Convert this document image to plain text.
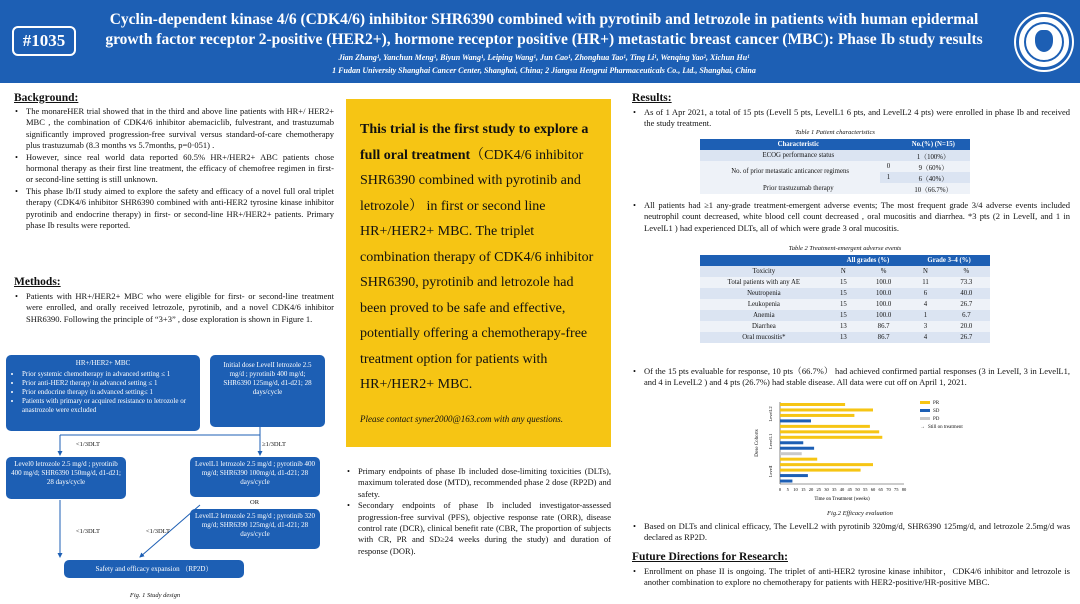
#1035
Cyclin-dependent kinase 4/6 (CDK4/6) inhibitor SHR6390 combined with pyrotinib and letrozole in patients with human epidermal growth factor receptor 2-positive (HER2+), hormone receptor positive (HR+) metastatic breast cancer (MBC): Phase Ib study results
Jian Zhang¹, Yanchun Meng¹, Biyun Wang¹, Leiping Wang¹, Jun Cao¹, Zhonghua Tao¹, Ting Li¹, Wenqing Yao², Xichun Hu¹
1 Fudan University Shanghai Cancer Center, Shanghai, China; 2 Jiangsu Hengrui Pharmaceuticals Co., Ltd., Shanghai, China
Background:
• The monareHER trial showed that in the third and above line patients with HR+/ HER2+ MBC , the combination of CDK4/6 inhibitor abemaciclib, fulvestrant, and trastuzumab significantly improved progression-free survival versus standard-of-care chemotherapy plus trastuzumab (8.3 months vs 5.7months, p=0·051) .
• However, since real world data reported 60.5% HR+/HER2+ ABC patients chose hormonal therapy as their first line treatment, the efficacy of chemofree regimen in first- or second-line setting is still unknown.
• This phase Ib/II study aimed to explore the safety and efficacy of a novel full oral triplet therapy (CDK4/6 inhibitor SHR6390 combined with anti-HER2 tyrosine kinase inhibitor pyrotinib and endocrine therapy) in first- or second-line HR+/HER2+ patients. Primary phase Ib results were reported.
Methods:
• Patients with HR+/HER2+ MBC who were eligible for first- or second-line treatment were enrolled, and orally received letrozole, pyrotinib, and a novel CDK4/6 inhibitor SHR6390. Following the principle of “3+3” , dose exploration is shown in Figure 1.
HR+/HER2+ MBC
• Prior systemic chemotherapy in advanced setting ≤ 1
• Prior anti-HER2 therapy in advanced setting ≤ 1
• Prior endocrine therapy in advanced setting≤ 1
• Patients with primary or acquired resistance to letrozole or anastrozole were excluded
Initial dose LevelI letrozole 2.5 mg/d ; pyrotinib 400 mg/d; SHR6390 125mg/d, d1-d21; 28 days/cycle
<1/3DLT	≥1/3DLT
Level0 letrozole 2.5 mg/d ; pyrotinib 400 mg/d; SHR6390 150mg/d, d1-d21; 28 days/cycle
LevelL1 letrozole 2.5 mg/d ; pyrotinib 400 mg/d; SHR6390 100mg/d, d1-d21; 28 days/cycle
OR
LevelL2 letrozole 2.5 mg/d ; pyrotinib 320 mg/d; SHR6390 125mg/d, d1-d21; 28 days/cycle
<1/3DLT	<1/3DLT
Safety and efficacy expansion （RP2D）
Fig. 1 Study design
This trial is the first study to explore a full oral treatment（CDK4/6 inhibitor SHR6390 combined with pyrotinib and letrozole） in first or second line HR+/HER2+ MBC. The triplet combination therapy of CDK4/6 inhibitor SHR6390, pyrotinib and letrozole had been proved to be safe and effective, potentially offering a chemotherapy-free treatment option for patients with HR+/HER2+ MBC.
Please contact syner2000@163.com with any questions.
• Primary endpoints of phase Ib included dose-limiting toxicities (DLTs), maximum tolerated dose (MTD), recommended phase 2 dose (RP2D) and safety.
• Secondary endpoints of phase Ib included investigator-assessed progression-free survival (PFS), objective response rate (ORR), disease control rate (DCR), clinical benefit rate (CBR, The proportion of subjects with CR, PR and SD≥24 weeks during the study) and duration of response (DOR).
Results:
• As of 1 Apr 2021, a total of 15 pts (LevelI 5 pts, LevelL1 6 pts, and LevelL2 4 pts) were enrolled in phase Ib and received the study treatment.
Table 1 Patient characteristics
Characteristic		No.(%) (N=15)
ECOG performance status		1（100%）
No. of prior metastatic anticancer regimens	0	9（60%）
	1	6（40%）
Prior trastuzumab therapy		10（66.7%）
• All patients had ≥1 any-grade treatment-emergent adverse events; The most frequent grade 3/4 adverse events included neutrophil count decreased, white blood cell count decreased , oral mucositis and diarrhea. *3 pts (2 in LevelI, and 1 in LevelL1 ) had experienced DLTs, all of which were grade 3 oral mucositis.
Table 2 Treatment-emergent adverse events
	All grades (%)		Grade 3–4 (%)	
Toxicity	N	%	N	%
Total patients with any AE	15	100.0	11	73.3
Neutropenia	15	100.0	6	40.0
Leukopenia	15	100.0	4	26.7
Anemia	15	100.0	1	6.7
Diarrhea	13	86.7	3	20.0
Oral mucositis*	13	86.7	4	26.7
• Of the 15 pts evaluable for response, 10 pts（66.7%） had achieved confirmed partial responses (3 in LevelI, 3 in LevelL1, and 4 in LevelL2 ) and 4 pts (26.7%) had stable disease. All data were cut off on April 1, 2021.
0 5 10 15 20 25 30 35 40 45 50 55 60 65 70 75 80
Time on Treatment (weeks)
Dose Cohorts
LevelL2
LevelL1
LevelI
PR
SD
PD
→ Still on treatment
Fig.2 Efficacy evaluation
• Based on DLTs and clinical efficacy, The LevelL2 with pyrotinib 320mg/d, SHR6390 125mg/d, and letrozole 2.5mg/d was declared as RP2D.
Future Directions for Research:
• Enrollment on phase II is ongoing. The triplet of anti-HER2 tyrosine kinase inhibitor，CDK4/6 inhibitor and letrozole is another combination to explore no chemotherapy for patients with HER2-positive/HR-positive MBC.
